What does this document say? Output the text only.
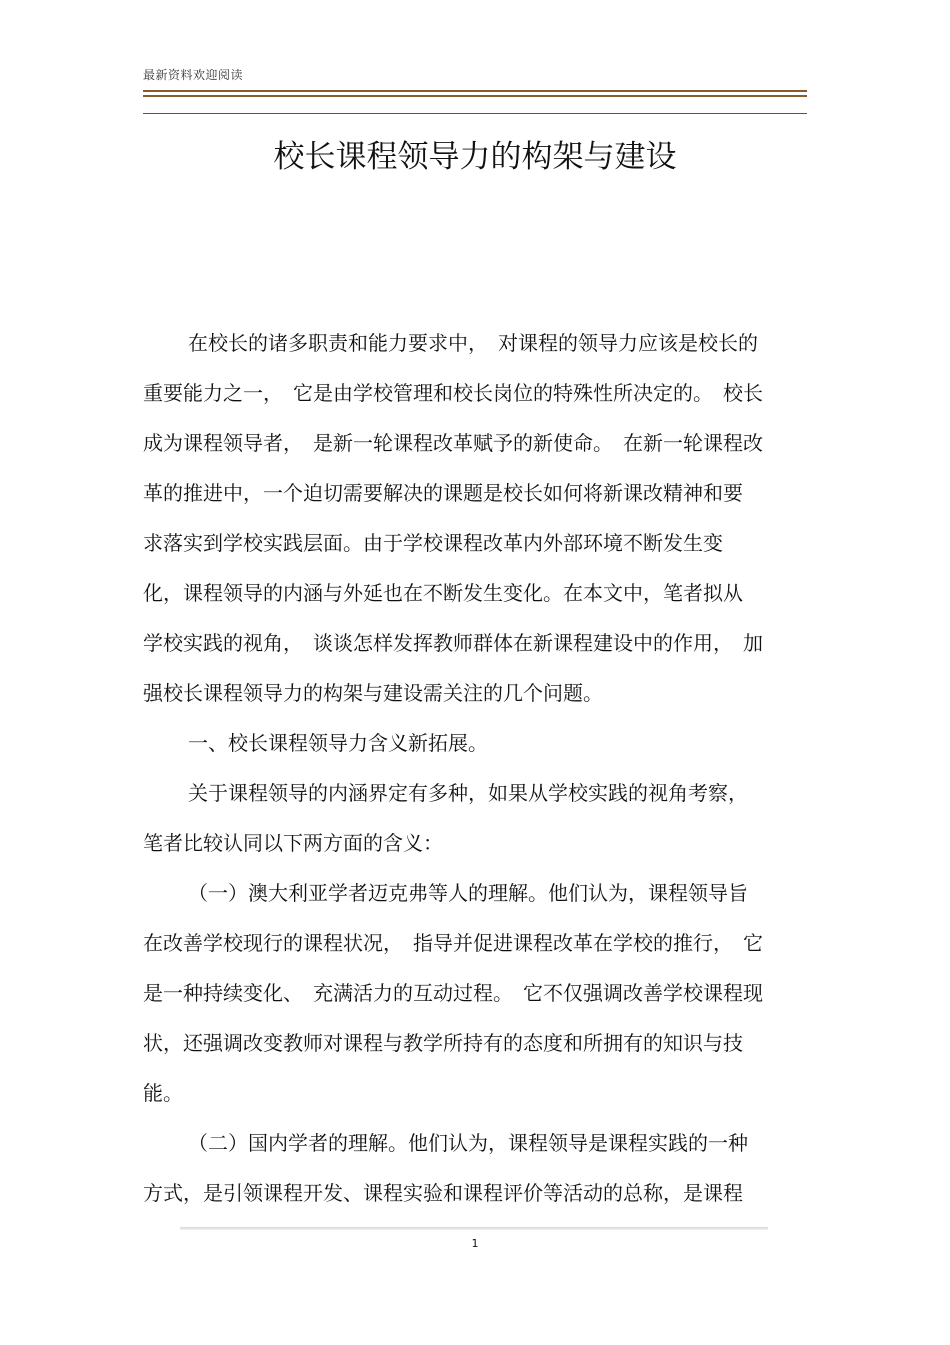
最新资料欢迎阅读
校长课程领导力的构架与建设
在校长的诸多职责和能力要求中，　对课程的领导力应该是校长的
重要能力之一，　它是由学校管理和校长岗位的特殊性所决定的。　校长
成为课程领导者，　是新一轮课程改革赋予的新使命。　在新一轮课程改
革的推进中，一个迫切需要解决的课题是校长如何将新课改精神和要
求落实到学校实践层面。由于学校课程改革内外部环境不断发生变
化，课程领导的内涵与外延也在不断发生变化。在本文中，笔者拟从
学校实践的视角，　谈谈怎样发挥教师群体在新课程建设中的作用，　加
强校长课程领导力的构架与建设需关注的几个问题。
一、校长课程领导力含义新拓展。
关于课程领导的内涵界定有多种，如果从学校实践的视角考察，
笔者比较认同以下两方面的含义：
（一）澳大利亚学者迈克弗等人的理解。他们认为，课程领导旨
在改善学校现行的课程状况，　指导并促进课程改革在学校的推行，　它
是一种持续变化、　充满活力的互动过程。　它不仅强调改善学校课程现
状，还强调改变教师对课程与教学所持有的态度和所拥有的知识与技
能。
（二）国内学者的理解。他们认为，课程领导是课程实践的一种
方式，是引领课程开发、课程实验和课程评价等活动的总称，是课程
1
